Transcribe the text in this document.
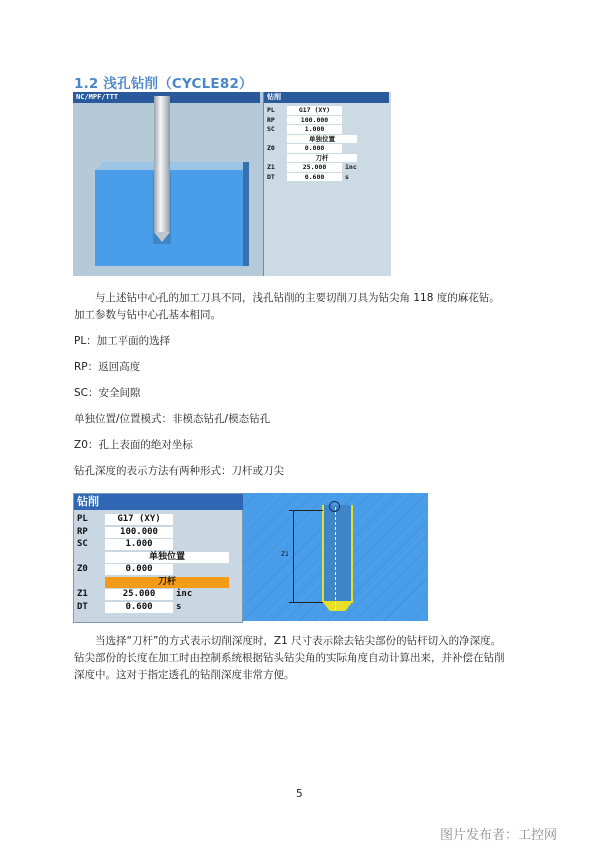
1.2 浅孔钻削（CYCLE82）
NC/MPF/TTT	钻削
PL	G17 (XY)
RP	100.000
SC	1.000
单独位置
Z0	0.000
刀杆
Z1	25.000	inc
DT	0.600	s
与上述钻中心孔的加工刀具不同，浅孔钻削的主要切削刀具为钻尖角 118 度的麻花钻。
加工参数与钻中心孔基本相同。
PL：加工平面的选择
RP：返回高度
SC：安全间隙
单独位置/位置模式：非模态钻孔/模态钻孔
Z0：孔上表面的绝对坐标
钻孔深度的表示方法有两种形式：刀杆或刀尖
钻削
PL	G17 (XY)
RP	100.000
SC	1.000
单独位置
Z0	0.000
刀杆
Z1	25.000	inc
DT	0.600	s
Z1
当选择“刀杆”的方式表示切削深度时，Z1 尺寸表示除去钻尖部份的钻杆切入的净深度。
钻尖部份的长度在加工时由控制系统根据钻头钻尖角的实际角度自动计算出来，并补偿在钻削
深度中。这对于指定透孔的钻削深度非常方便。
5
图片发布者：工控网
